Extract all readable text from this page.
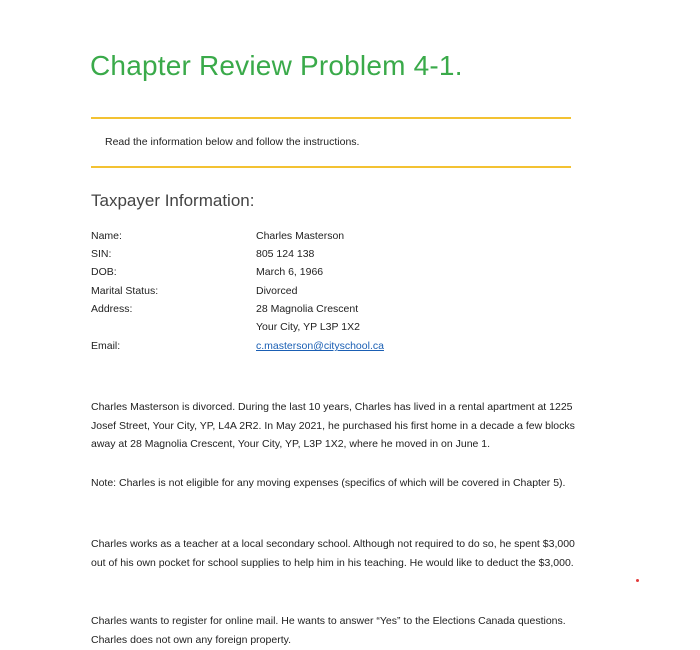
Chapter Review Problem 4-1.
Read the information below and follow the instructions.
Taxpayer Information:
Name:	Charles Masterson
SIN:	805 124 138
DOB:	March 6, 1966
Marital Status:	Divorced
Address:	28 Magnolia Crescent
Your City, YP L3P 1X2
Email:	c.masterson@cityschool.ca

Charles Masterson is divorced. During the last 10 years, Charles has lived in a rental apartment at 1225 Josef Street, Your City, YP, L4A 2R2. In May 2021, he purchased his first home in a decade a few blocks away at 28 Magnolia Crescent, Your City, YP, L3P 1X2, where he moved in on June 1.

Note: Charles is not eligible for any moving expenses (specifics of which will be covered in Chapter 5).

Charles works as a teacher at a local secondary school. Although not required to do so, he spent $3,000 out of his own pocket for school supplies to help him in his teaching. He would like to deduct the $3,000.

Charles wants to register for online mail. He wants to answer “Yes” to the Elections Canada questions. Charles does not own any foreign property.
